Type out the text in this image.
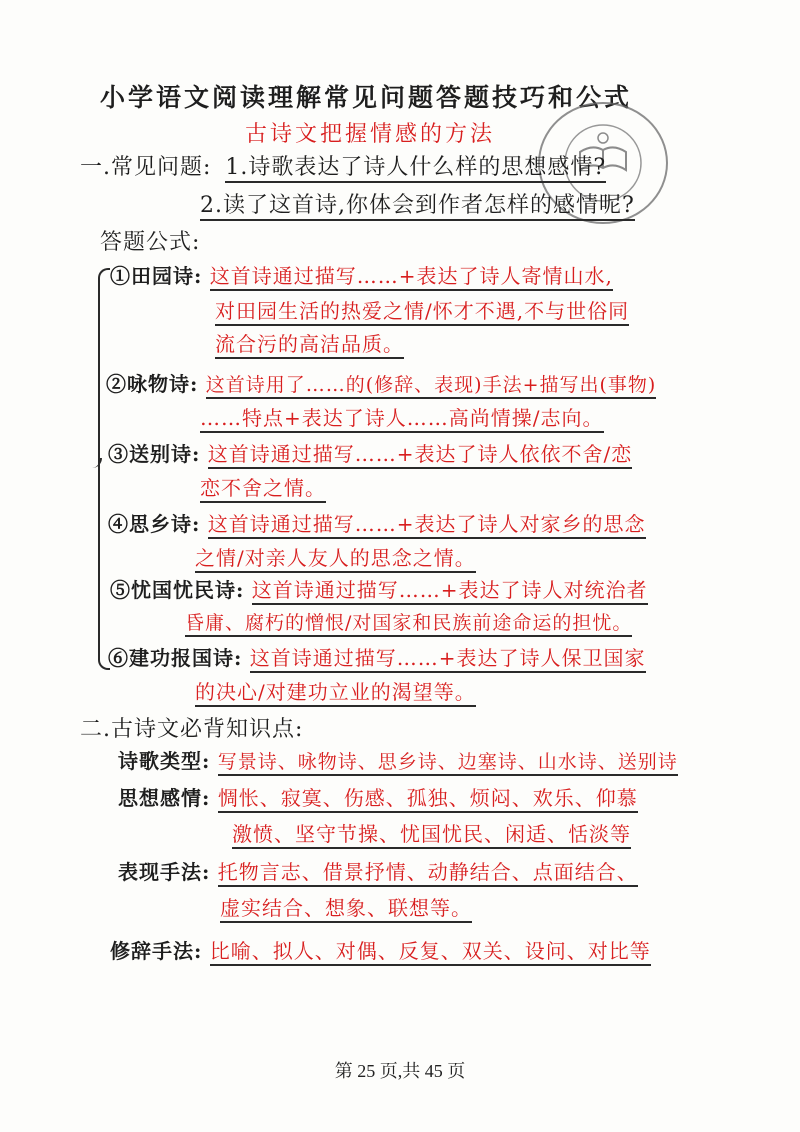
小学语文阅读理解常见问题答题技巧和公式
古诗文把握情感的方法
一.常见问题: 1.诗歌表达了诗人什么样的思想感情?
2.读了这首诗,你体会到作者怎样的感情呢?
答题公式:
①田园诗: 这首诗通过描写……+表达了诗人寄情山水,
对田园生活的热爱之情/怀才不遇,不与世俗同
流合污的高洁品质。
②咏物诗: 这首诗用了……的(修辞、表现)手法+描写出(事物)
……特点+表达了诗人……高尚情操/志向。
③送别诗: 这首诗通过描写……+表达了诗人依依不舍/恋
恋不舍之情。
④思乡诗: 这首诗通过描写……+表达了诗人对家乡的思念
之情/对亲人友人的思念之情。
⑤忧国忧民诗: 这首诗通过描写……+表达了诗人对统治者
昏庸、腐朽的憎恨/对国家和民族前途命运的担忧。
⑥建功报国诗: 这首诗通过描写……+表达了诗人保卫国家
的决心/对建功立业的渴望等。
二.古诗文必背知识点:
诗歌类型: 写景诗、咏物诗、思乡诗、边塞诗、山水诗、送别诗
思想感情: 惆怅、寂寞、伤感、孤独、烦闷、欢乐、仰慕
激愤、坚守节操、忧国忧民、闲适、恬淡等
表现手法: 托物言志、借景抒情、动静结合、点面结合、
虚实结合、想象、联想等。
修辞手法: 比喻、拟人、对偶、反复、双关、设问、对比等
第 25 页,共 45 页
